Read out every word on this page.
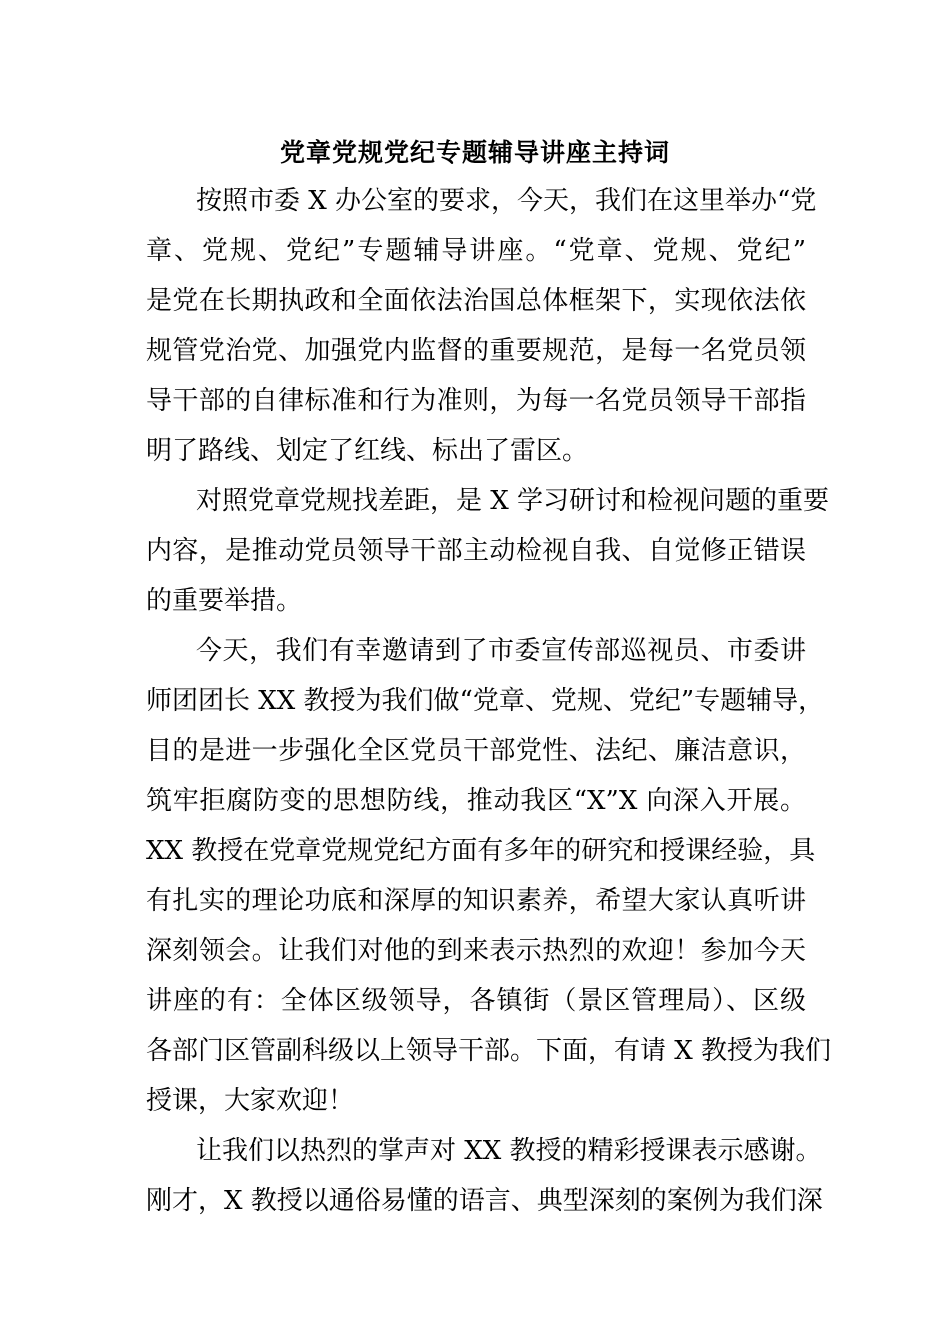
党章党规党纪专题辅导讲座主持词
按照市委 X 办公室的要求，今天，我们在这里举办“党
章、党规、党纪”专题辅导讲座。“党章、党规、党纪”
是党在长期执政和全面依法治国总体框架下，实现依法依
规管党治党、加强党内监督的重要规范，是每一名党员领
导干部的自律标准和行为准则，为每一名党员领导干部指
明了路线、划定了红线、标出了雷区。
对照党章党规找差距，是 X 学习研讨和检视问题的重要
内容，是推动党员领导干部主动检视自我、自觉修正错误
的重要举措。
今天，我们有幸邀请到了市委宣传部巡视员、市委讲
师团团长 XX 教授为我们做“党章、党规、党纪”专题辅导，
目的是进一步强化全区党员干部党性、法纪、廉洁意识，
筑牢拒腐防变的思想防线，推动我区“X”X 向深入开展。
XX 教授在党章党规党纪方面有多年的研究和授课经验，具
有扎实的理论功底和深厚的知识素养，希望大家认真听讲
深刻领会。让我们对他的到来表示热烈的欢迎！参加今天
讲座的有：全体区级领导，各镇街（景区管理局）、区级
各部门区管副科级以上领导干部。下面，有请 X 教授为我们
授课，大家欢迎！
让我们以热烈的掌声对 XX 教授的精彩授课表示感谢。
刚才，X 教授以通俗易懂的语言、典型深刻的案例为我们深
